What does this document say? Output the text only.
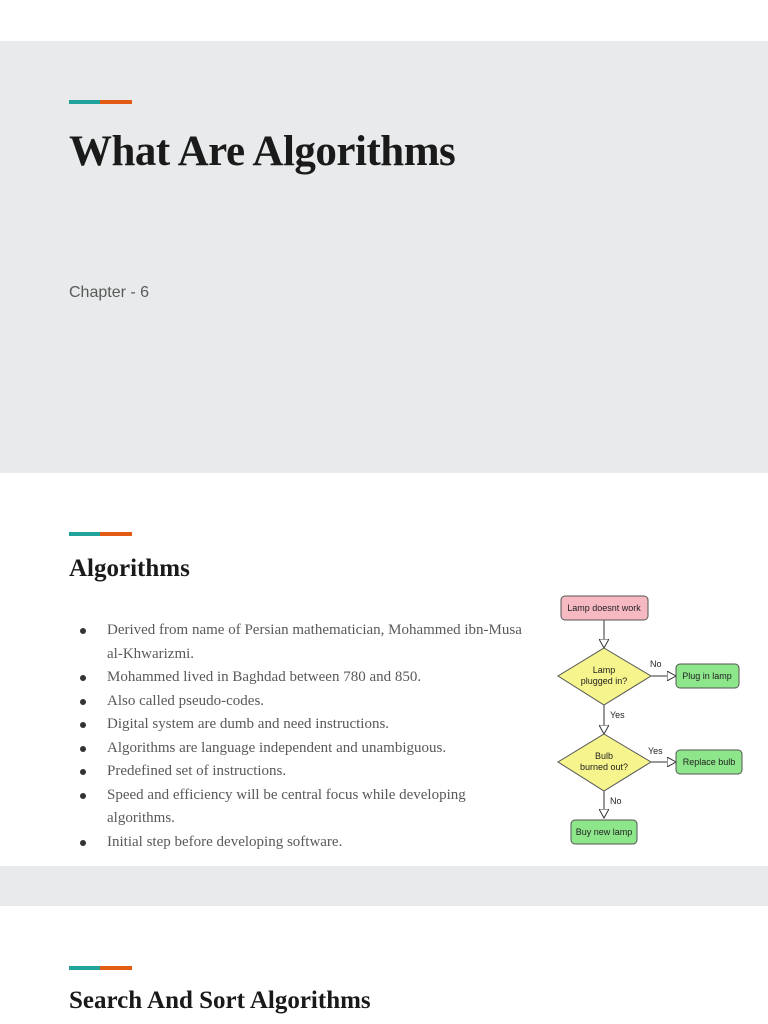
What Are Algorithms
Chapter - 6
Algorithms
Derived from name of Persian mathematician, Mohammed ibn-Musa al-Khwarizmi.
Mohammed lived in Baghdad between 780 and 850.
Also called pseudo-codes.
Digital system are dumb and need instructions.
Algorithms are language independent and unambiguous.
Predefined set of instructions.
Speed and efficiency will be central focus while developing algorithms.
Initial step before developing software.
Lamp doesnt work
Lamp
plugged in?
No
Yes
Plug in lamp
Bulb
burned out?
Yes
No
Replace bulb
Buy new lamp
Search And Sort Algorithms
